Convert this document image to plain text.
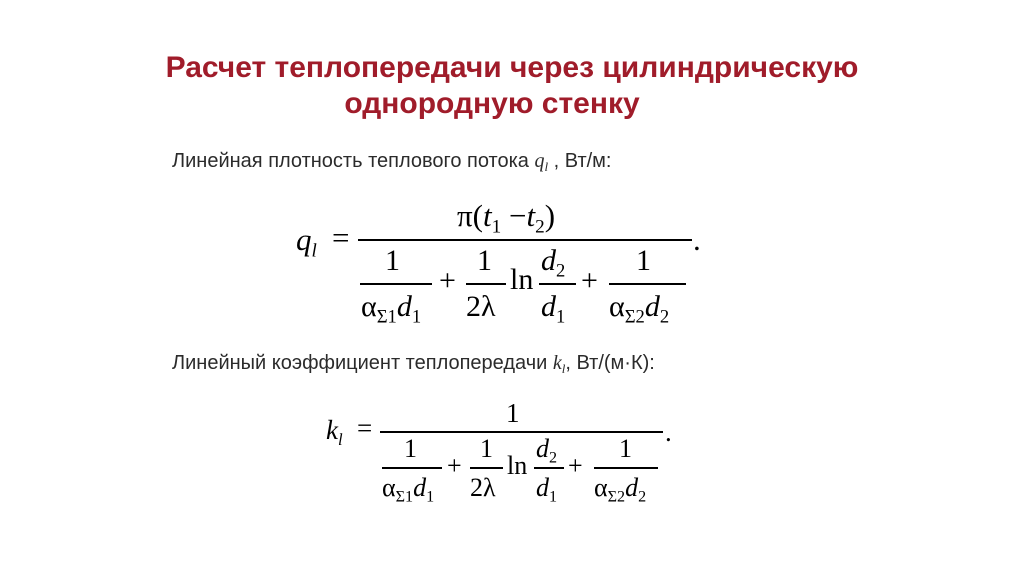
Расчет теплопередачи через цилиндрическую
однородную стенку
Линейная плотность теплового потока $q_l$ , Вт/м:
$q_l$ =
$\pi(t_1 -t_2)$
.
1
$\alpha_{\Sigma 1}d_1$
+
1
2λ
ln
$d_2$
$d_1$
+
1
$\alpha_{\Sigma 2}d_2$
Линейный коэффициент теплопередачи $k_l$, Вт/(м·К):
$k_l$ =	1
.
1
$\alpha_{\Sigma 1}d_1$
+
1
2λ
ln
$d_2$
$d_1$
+
1
$\alpha_{\Sigma 2}d_2$
